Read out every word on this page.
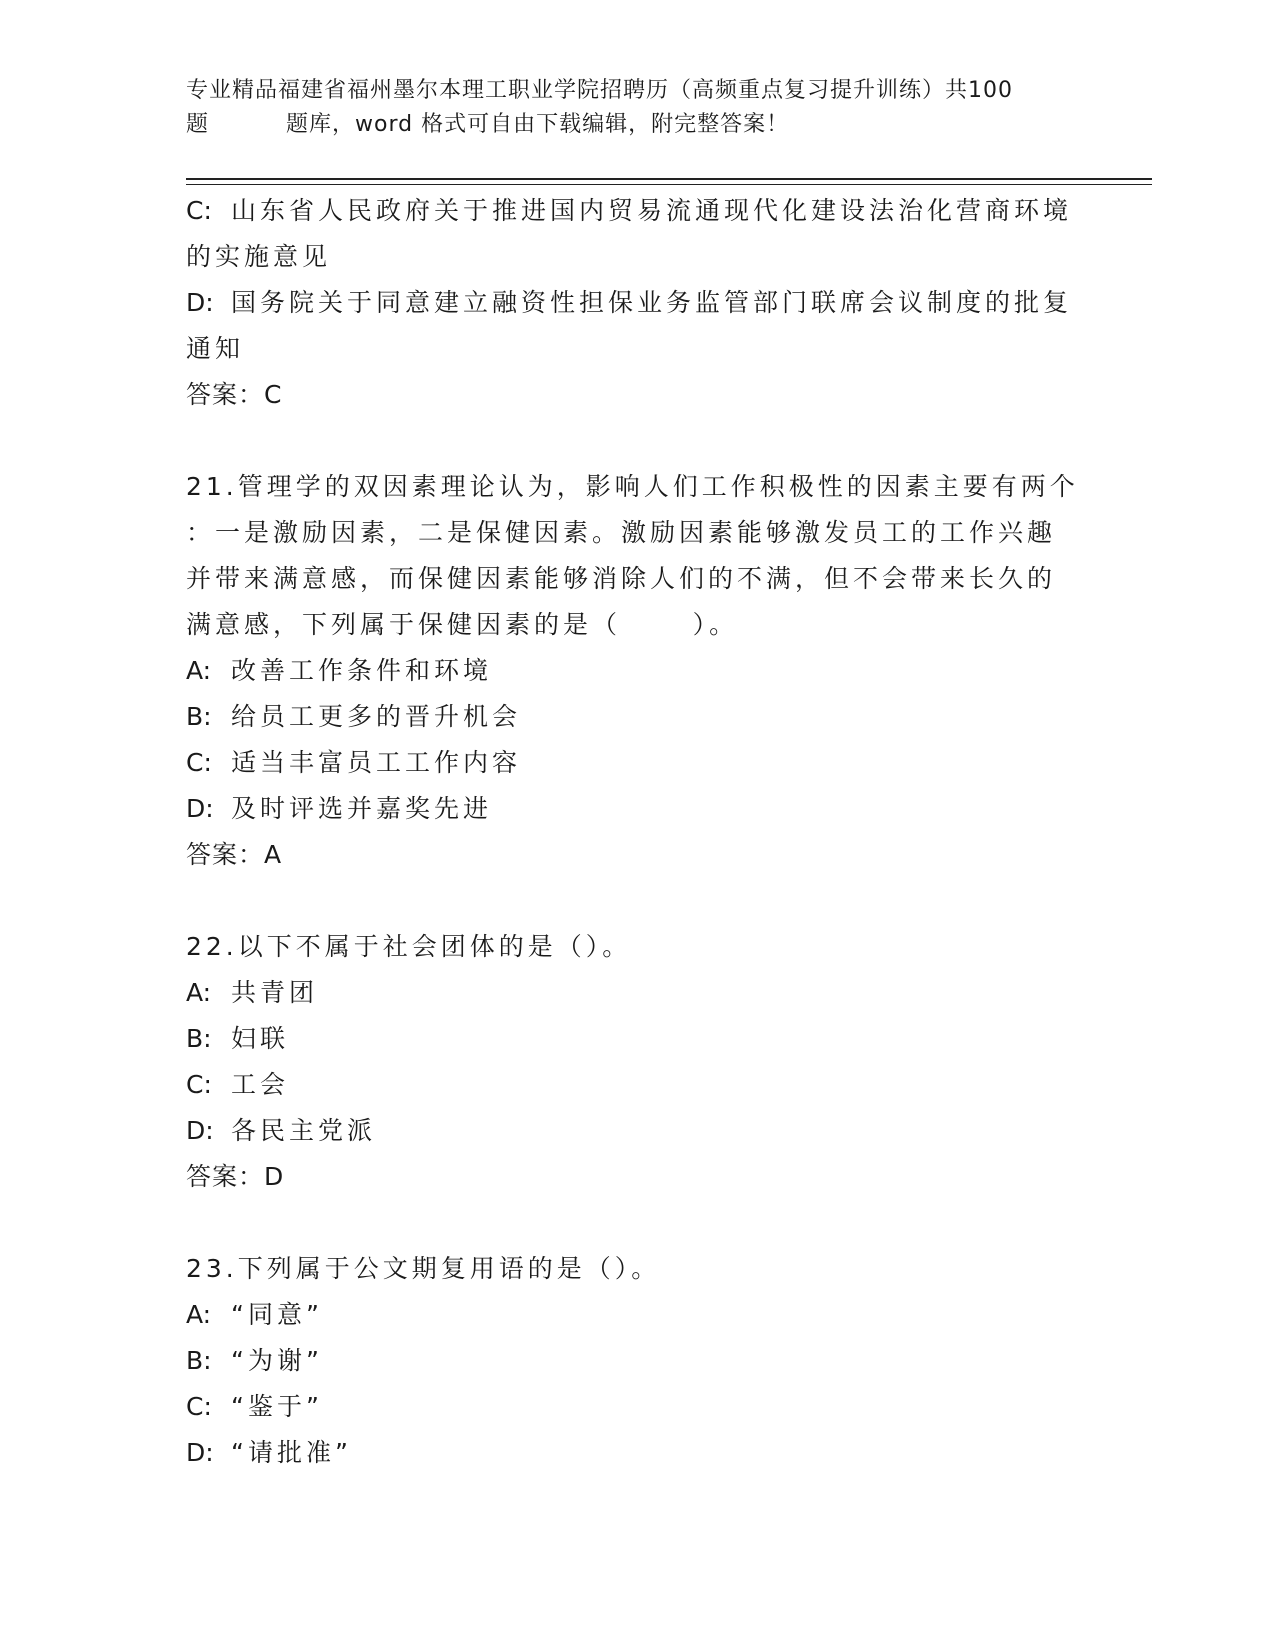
专业精品福建省福州墨尔本理工职业学院招聘历（高频重点复习提升训练）共100
题	题库，word 格式可自由下载编辑，附完整答案！
C: 山东省人民政府关于推进国内贸易流通现代化建设法治化营商环境
的实施意见
D: 国务院关于同意建立融资性担保业务监管部门联席会议制度的批复
通知
答案：C
21.管理学的双因素理论认为，影响人们工作积极性的因素主要有两个
：一是激励因素，二是保健因素。激励因素能够激发员工的工作兴趣
并带来满意感，而保健因素能够消除人们的不满，但不会带来长久的
满意感，下列属于保健因素的是（      ）。
A: 改善工作条件和环境
B: 给员工更多的晋升机会
C: 适当丰富员工工作内容
D: 及时评选并嘉奖先进
答案：A
22.以下不属于社会团体的是（）。
A: 共青团
B: 妇联
C: 工会
D: 各民主党派
答案：D
23.下列属于公文期复用语的是（）。
A: “同意”
B: “为谢”
C: “鉴于”
D: “请批准”
